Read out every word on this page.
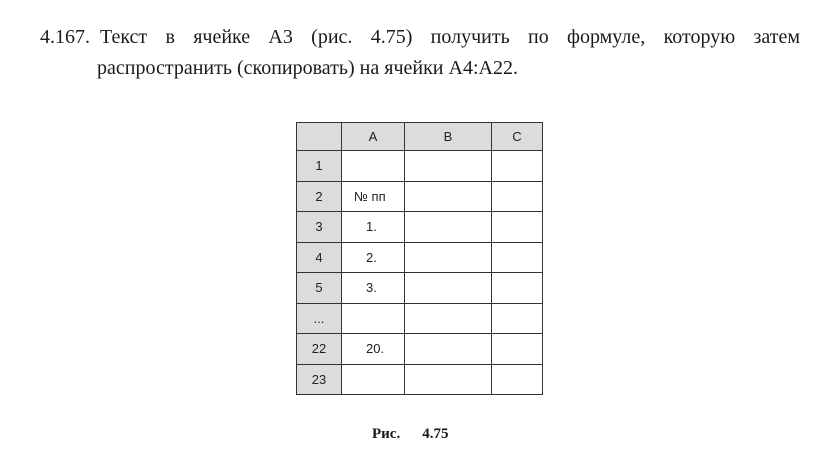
4.167. Текст в ячейке А3 (рис. 4.75) получить по формуле, которую затем
распространить (скопировать) на ячейки А4:А22.
	A	B	C
1			
2	№ пп		
3	1.		
4	2.		
5	3.		
...			
22	20.		
23			
Рис. 4.75
